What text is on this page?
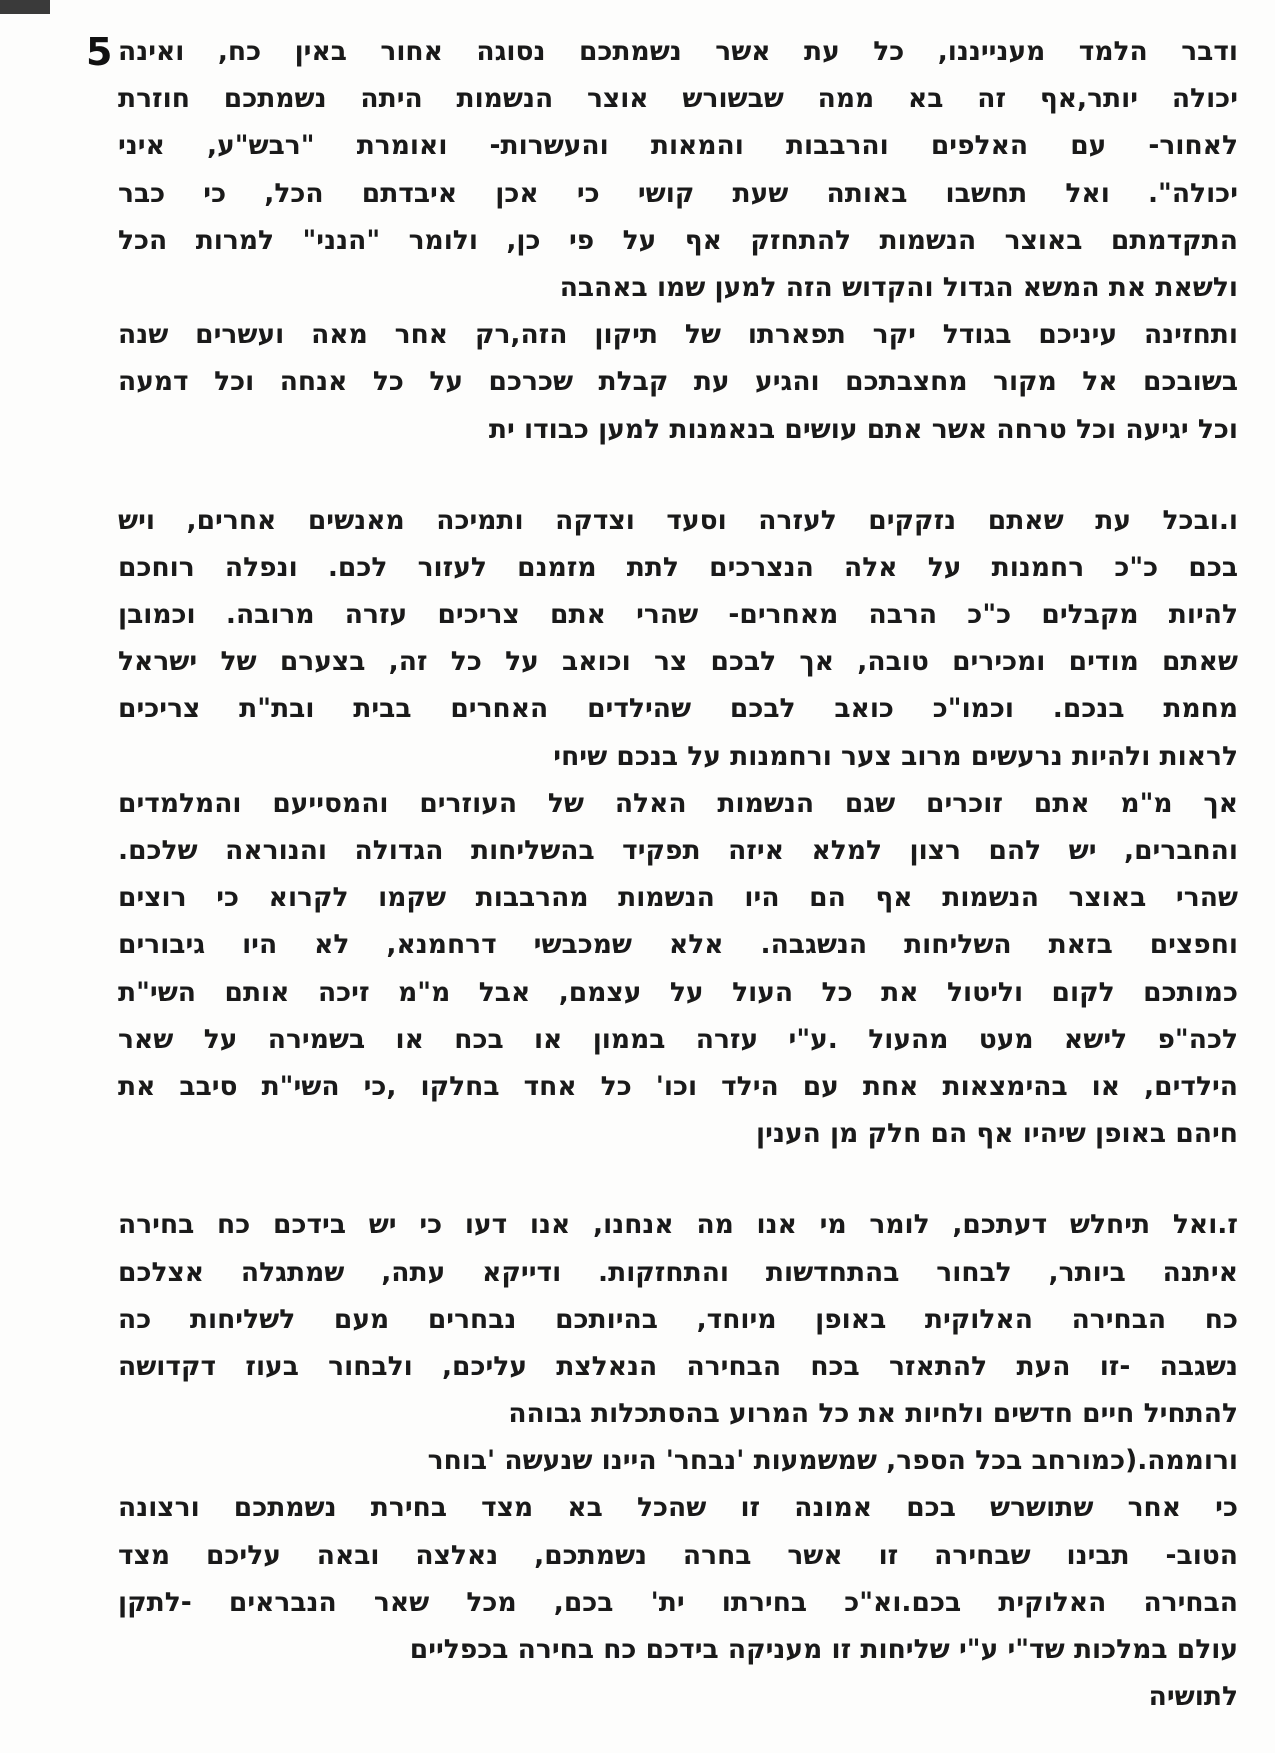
5 ודבר הלמד מענייננו, כל עת אשר נשמתכם נסוגה אחור באין כח, ואינה
יכולה יותר,אף זה בא ממה שבשורש אוצר הנשמות היתה נשמתכם חוזרת
לאחור- עם האלפים והרבבות והמאות והעשרות- ואומרת "רבש"ע, איני
יכולה". ואל תחשבו באותה שעת קושי כי אכן איבדתם הכל, כי כבר
התקדמתם באוצר הנשמות להתחזק אף על פי כן, ולומר "הנני" למרות הכל
ולשאת את המשא הגדול והקדוש הזה למען שמו באהבה
ותחזינה עיניכם בגודל יקר תפארתו של תיקון הזה,רק אחר מאה ועשרים שנה
בשובכם אל מקור מחצבתכם והגיע עת קבלת שכרכם על כל אנחה וכל דמעה
וכל יגיעה וכל טרחה אשר אתם עושים בנאמנות למען כבודו ית
ו.ובכל עת שאתם נזקקים לעזרה וסעד וצדקה ותמיכה מאנשים אחרים, ויש
בכם כ"כ רחמנות על אלה הנצרכים לתת מזמנם לעזור לכם. ונפלה רוחכם
להיות מקבלים כ"כ הרבה מאחרים- שהרי אתם צריכים עזרה מרובה. וכמובן
שאתם מודים ומכירים טובה, אך לבכם צר וכואב על כל זה, בצערם של ישראל
מחמת בנכם. וכמו"כ כואב לבכם שהילדים האחרים בבית ובת"ת צריכים
לראות ולהיות נרעשים מרוב צער ורחמנות על בנכם שיחי
אך מ"מ אתם זוכרים שגם הנשמות האלה של העוזרים והמסייעם והמלמדים
והחברים, יש להם רצון למלא איזה תפקיד בהשליחות הגדולה והנוראה שלכם.
שהרי באוצר הנשמות אף הם היו הנשמות מהרבבות שקמו לקרוא כי רוצים
וחפצים בזאת השליחות הנשגבה. אלא שמכבשי דרחמנא, לא היו גיבורים
כמותכם לקום וליטול את כל העול על עצמם, אבל מ"מ זיכה אותם השי"ת
לכה"פ לישא מעט מהעול .ע"י עזרה בממון או בכח או בשמירה על שאר
הילדים, או בהימצאות אחת עם הילד וכו' כל אחד בחלקו ,כי השי"ת סיבב את
חיהם באופן שיהיו אף הם חלק מן הענין
ז.ואל תיחלש דעתכם, לומר מי אנו מה אנחנו, אנו דעו כי יש בידכם כח בחירה
איתנה ביותר, לבחור בהתחדשות והתחזקות. ודייקא עתה, שמתגלה אצלכם
כח הבחירה האלוקית באופן מיוחד, בהיותכם נבחרים מעם לשליחות כה
נשגבה -זו העת להתאזר בכח הבחירה הנאלצת עליכם, ולבחור בעוז דקדושה
להתחיל חיים חדשים ולחיות את כל המרוע בהסתכלות גבוהה
ורוממה.(כמורחב בכל הספר, שמשמעות 'נבחר' היינו שנעשה 'בוחר
כי אחר שתושרש בכם אמונה זו שהכל בא מצד בחירת נשמתכם ורצונה
הטוב- תבינו שבחירה זו אשר בחרה נשמתכם, נאלצה ובאה עליכם מצד
הבחירה האלוקית בכם.וא"כ בחירתו ית' בכם, מכל שאר הנבראים -לתקן
עולם במלכות שד"י ע"י שליחות זו מעניקה בידכם כח בחירה בכפליים
לתושיה
